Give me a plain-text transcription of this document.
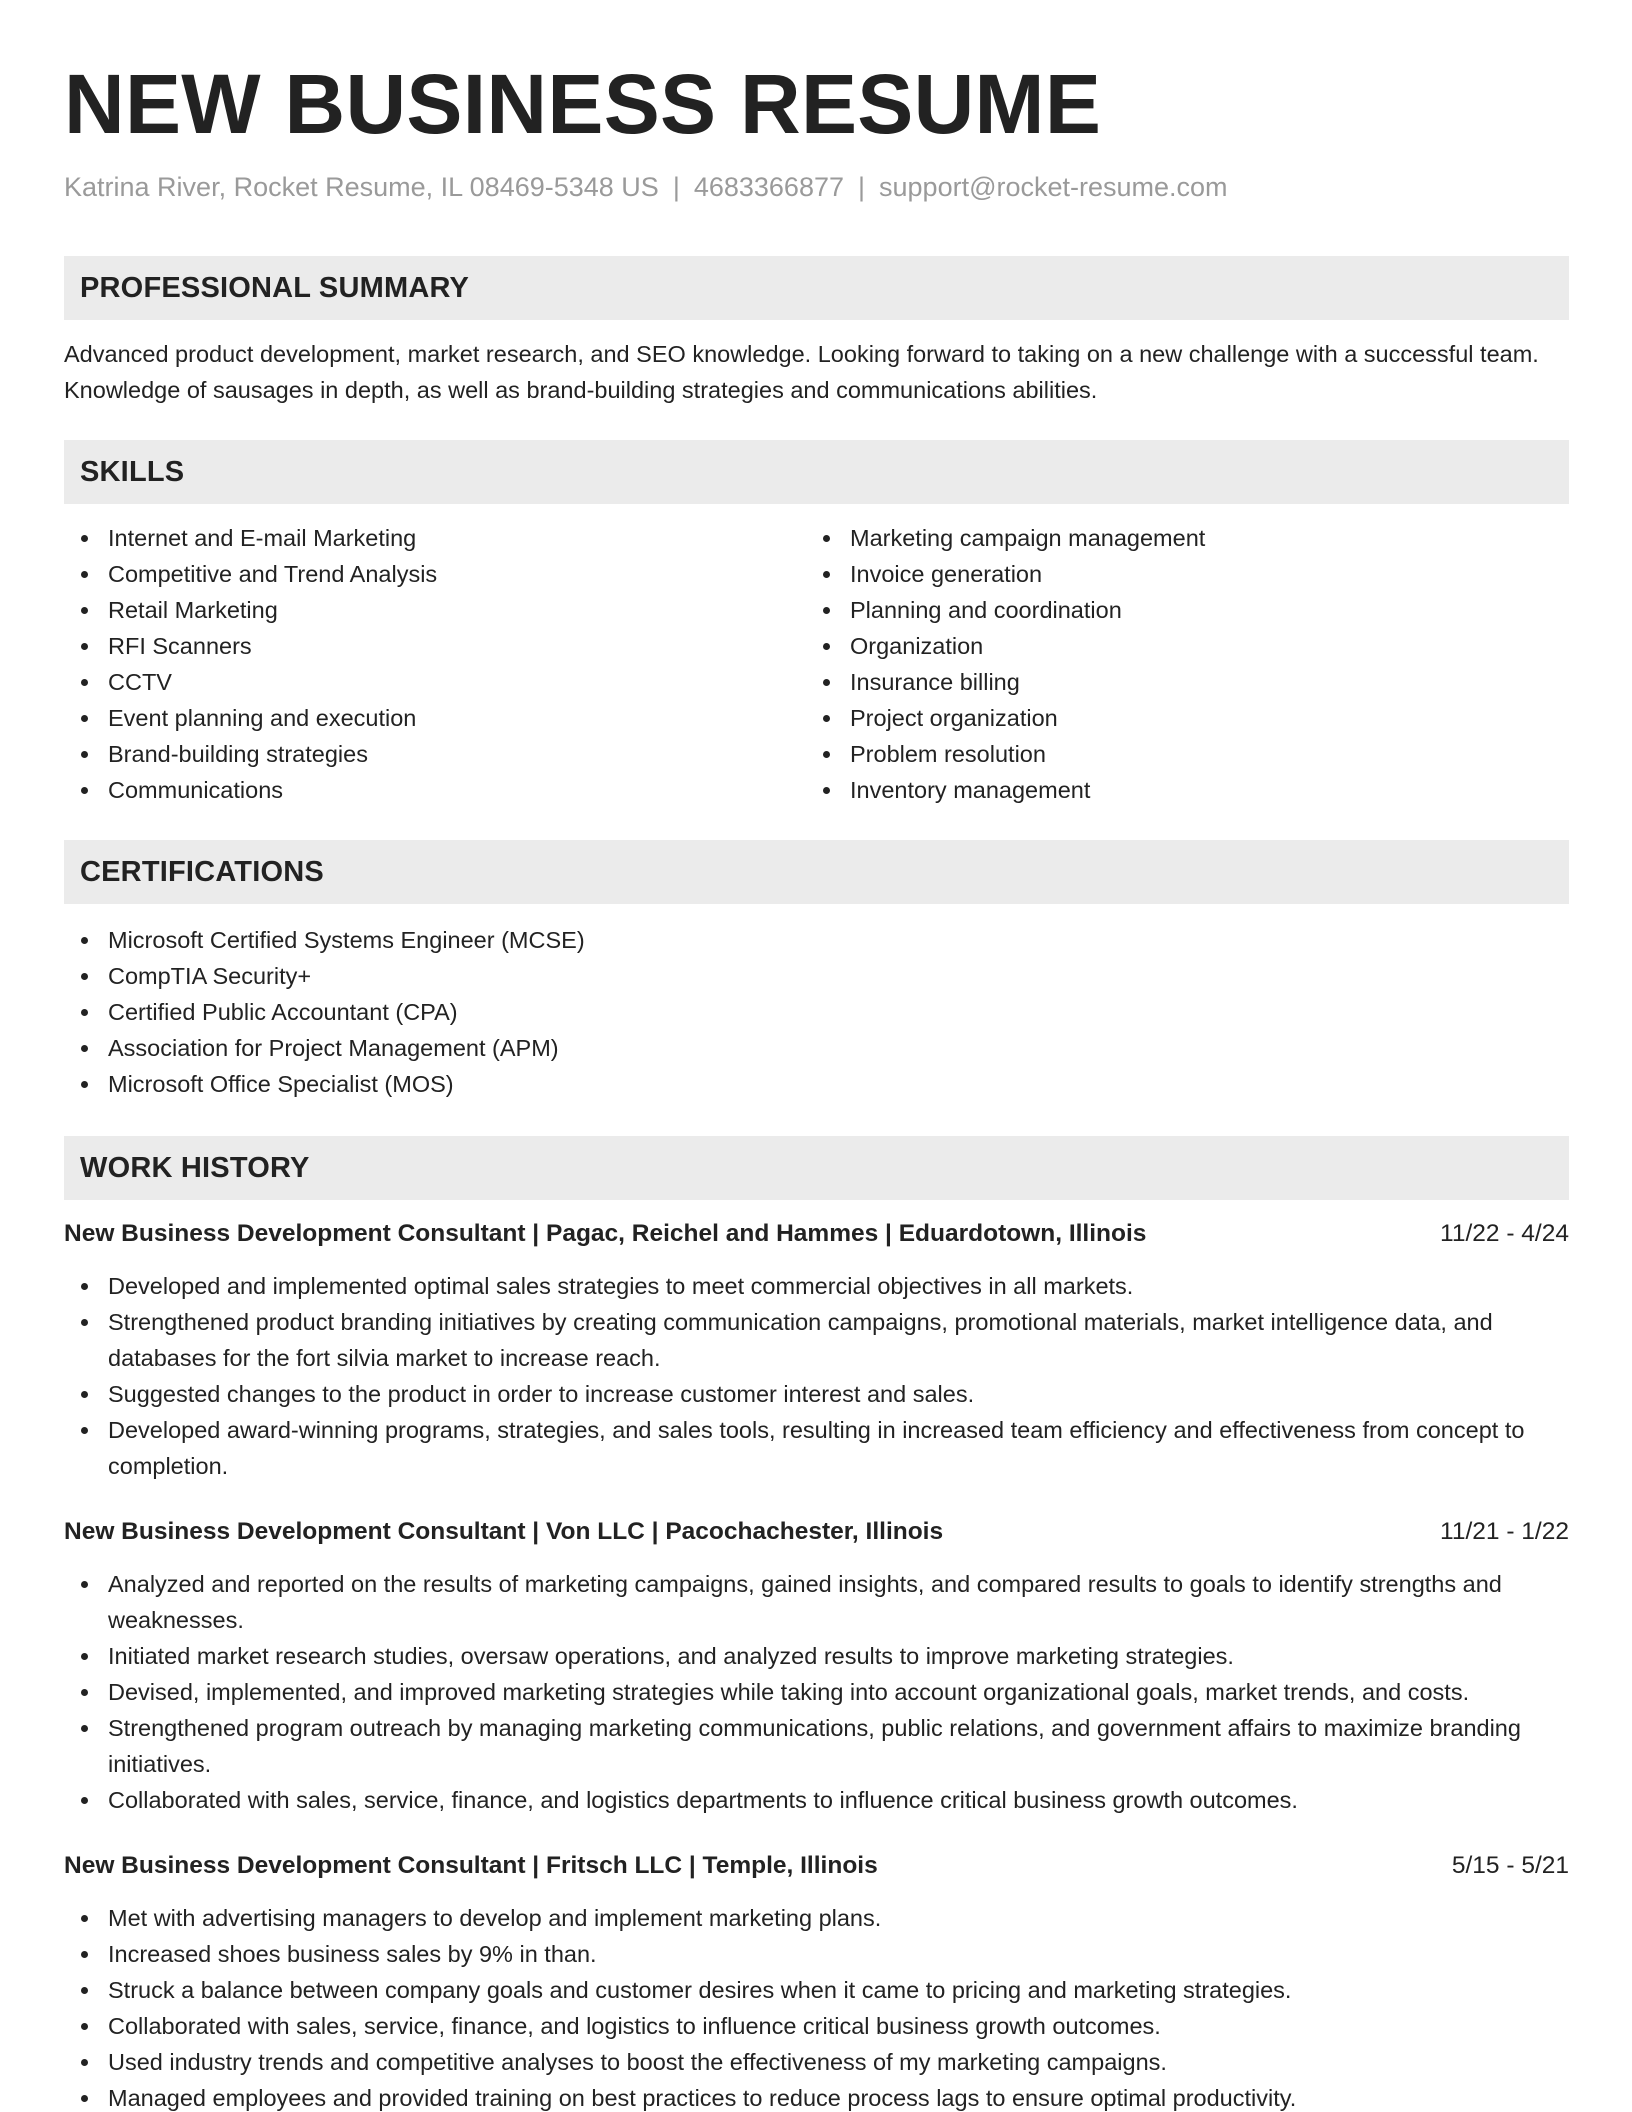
NEW BUSINESS RESUME
Katrina River, Rocket Resume, IL 08469-5348 US | 4683366877 | support@rocket-resume.com
PROFESSIONAL SUMMARY

Advanced product development, market research, and SEO knowledge. Looking forward to taking on a new challenge with a successful team. Knowledge of sausages in depth, as well as brand-building strategies and communications abilities.

SKILLS
Internet and E-mail Marketing
Competitive and Trend Analysis
Retail Marketing
RFI Scanners
CCTV
Event planning and execution
Brand-building strategies
Communications
Marketing campaign management
Invoice generation
Planning and coordination
Organization
Insurance billing
Project organization
Problem resolution
Inventory management
CERTIFICATIONS
Microsoft Certified Systems Engineer (MCSE)
CompTIA Security+
Certified Public Accountant (CPA)
Association for Project Management (APM)
Microsoft Office Specialist (MOS)
WORK HISTORY
New Business Development Consultant | Pagac, Reichel and Hammes | Eduardotown, Illinois	11/22 - 4/24
Developed and implemented optimal sales strategies to meet commercial objectives in all markets.
Strengthened product branding initiatives by creating communication campaigns, promotional materials, market intelligence data, and databases for the fort silvia market to increase reach.
Suggested changes to the product in order to increase customer interest and sales.
Developed award-winning programs, strategies, and sales tools, resulting in increased team efficiency and effectiveness from concept to completion.
New Business Development Consultant | Von LLC | Pacochachester, Illinois	11/21 - 1/22
Analyzed and reported on the results of marketing campaigns, gained insights, and compared results to goals to identify strengths and weaknesses.
Initiated market research studies, oversaw operations, and analyzed results to improve marketing strategies.
Devised, implemented, and improved marketing strategies while taking into account organizational goals, market trends, and costs.
Strengthened program outreach by managing marketing communications, public relations, and government affairs to maximize branding initiatives.
Collaborated with sales, service, finance, and logistics departments to influence critical business growth outcomes.
New Business Development Consultant | Fritsch LLC | Temple, Illinois	5/15 - 5/21
Met with advertising managers to develop and implement marketing plans.
Increased shoes business sales by 9% in than.
Struck a balance between company goals and customer desires when it came to pricing and marketing strategies.
Collaborated with sales, service, finance, and logistics to influence critical business growth outcomes.
Used industry trends and competitive analyses to boost the effectiveness of my marketing campaigns.
Managed employees and provided training on best practices to reduce process lags to ensure optimal productivity.
